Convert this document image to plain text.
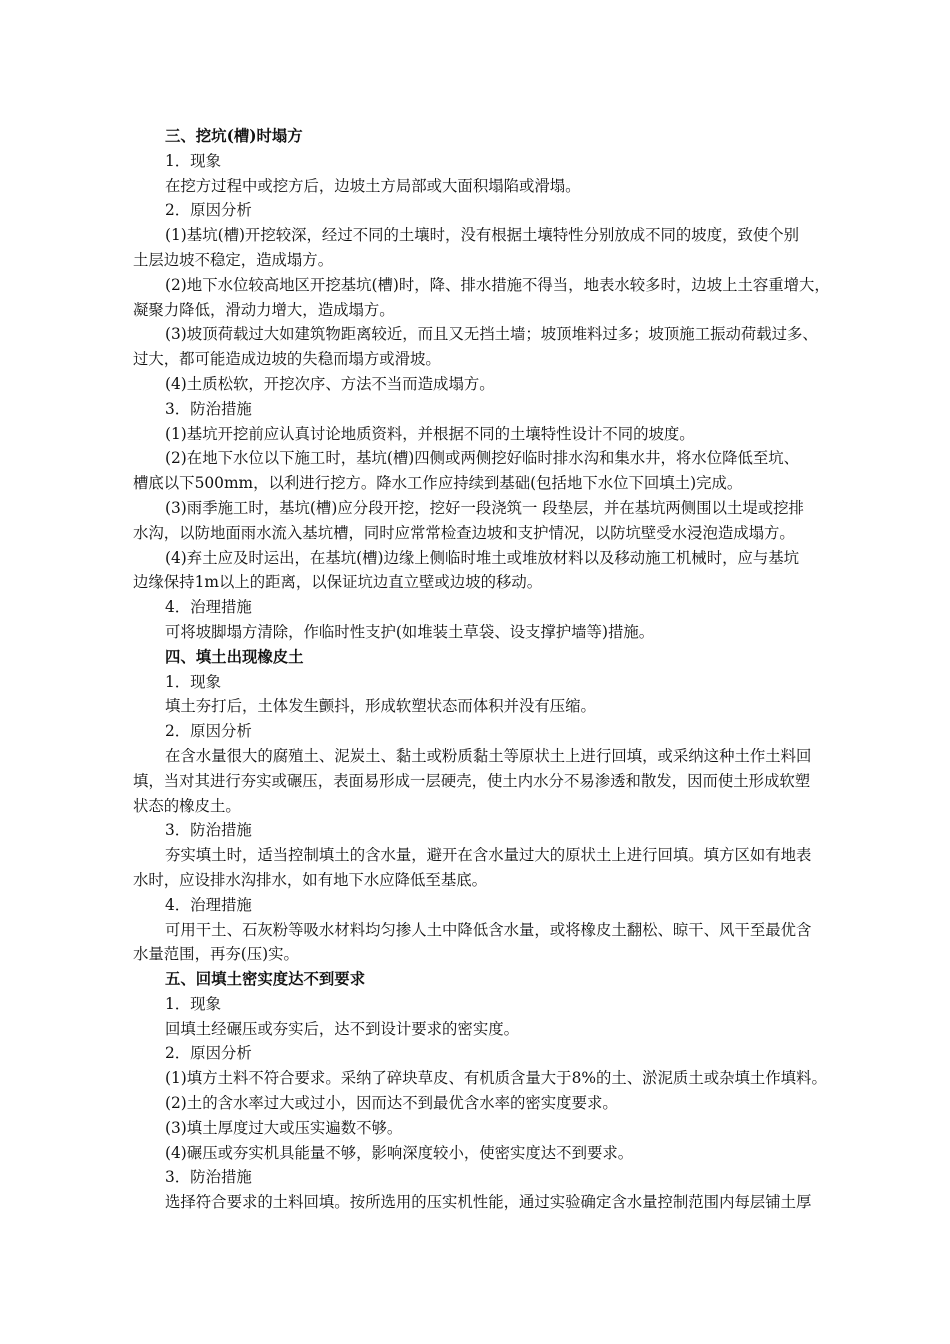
三、挖坑(槽)时塌方
1．现象
在挖方过程中或挖方后，边坡土方局部或大面积塌陷或滑塌。
2．原因分析
(1)基坑(槽)开挖较深，经过不同的土壤时，没有根据土壤特性分别放成不同的坡度，致使个别
土层边坡不稳定，造成塌方。
(2)地下水位较高地区开挖基坑(槽)时，降、排水措施不得当，地表水较多时，边坡上土容重增大，
凝聚力降低，滑动力增大，造成塌方。
(3)坡顶荷载过大如建筑物距离较近，而且又无挡土墙；坡顶堆料过多；坡顶施工振动荷载过多、
过大，都可能造成边坡的失稳而塌方或滑坡。
(4)土质松软，开挖次序、方法不当而造成塌方。
3．防治措施
(1)基坑开挖前应认真讨论地质资料，并根据不同的土壤特性设计不同的坡度。
(2)在地下水位以下施工时，基坑(槽)四侧或两侧挖好临时排水沟和集水井，将水位降低至坑、
槽底以下500mm，以利进行挖方。降水工作应持续到基础(包括地下水位下回填土)完成。
(3)雨季施工时，基坑(槽)应分段开挖，挖好一段浇筑一 段垫层，并在基坑两侧围以土堤或挖排
水沟，以防地面雨水流入基坑槽，同时应常常检查边坡和支护情况，以防坑壁受水浸泡造成塌方。
(4)弃土应及时运出，在基坑(槽)边缘上侧临时堆土或堆放材料以及移动施工机械时，应与基坑
边缘保持1m以上的距离，以保证坑边直立壁或边坡的移动。
4．治理措施
可将坡脚塌方清除，作临时性支护(如堆装土草袋、设支撑护墙等)措施。
四、填土出现橡皮土
1．现象
填土夯打后，土体发生颤抖，形成软塑状态而体积并没有压缩。
2．原因分析
在含水量很大的腐殖土、泥炭土、黏土或粉质黏土等原状土上进行回填，或采纳这种土作土料回
填，当对其进行夯实或碾压，表面易形成一层硬壳，使土内水分不易渗透和散发，因而使土形成软塑
状态的橡皮土。
3．防治措施
夯实填土时，适当控制填土的含水量，避开在含水量过大的原状土上进行回填。填方区如有地表
水时，应设排水沟排水，如有地下水应降低至基底。
4．治理措施
可用干土、石灰粉等吸水材料均匀掺人土中降低含水量，或将橡皮土翻松、晾干、风干至最优含
水量范围，再夯(压)实。
五、回填土密实度达不到要求
1．现象
回填土经碾压或夯实后，达不到设计要求的密实度。
2．原因分析
(1)填方土料不符合要求。采纳了碎块草皮、有机质含量大于8%的土、淤泥质土或杂填土作填料。
(2)土的含水率过大或过小，因而达不到最优含水率的密实度要求。
(3)填土厚度过大或压实遍数不够。
(4)碾压或夯实机具能量不够，影响深度较小，使密实度达不到要求。
3．防治措施
选择符合要求的土料回填。按所选用的压实机性能，通过实验确定含水量控制范围内每层铺土厚
